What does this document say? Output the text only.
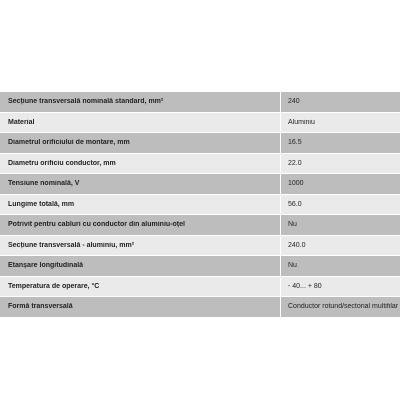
Secțiune transversală nominală standard, mm²	240
Material	Aluminiu
Diametrul orificiului de montare, mm	16.5
Diametru orificiu conductor, mm	22.0
Tensiune nominală, V	1000
Lungime totală, mm	56.0
Potrivit pentru cabluri cu conductor din aluminiu-oțel	Nu
Secțiune transversală - aluminiu, mm²	240.0
Etanșare longitudinală	Nu
Temperatura de operare, °C	- 40... + 80
Formă transversală	Conductor rotund/sectorial multifilar
